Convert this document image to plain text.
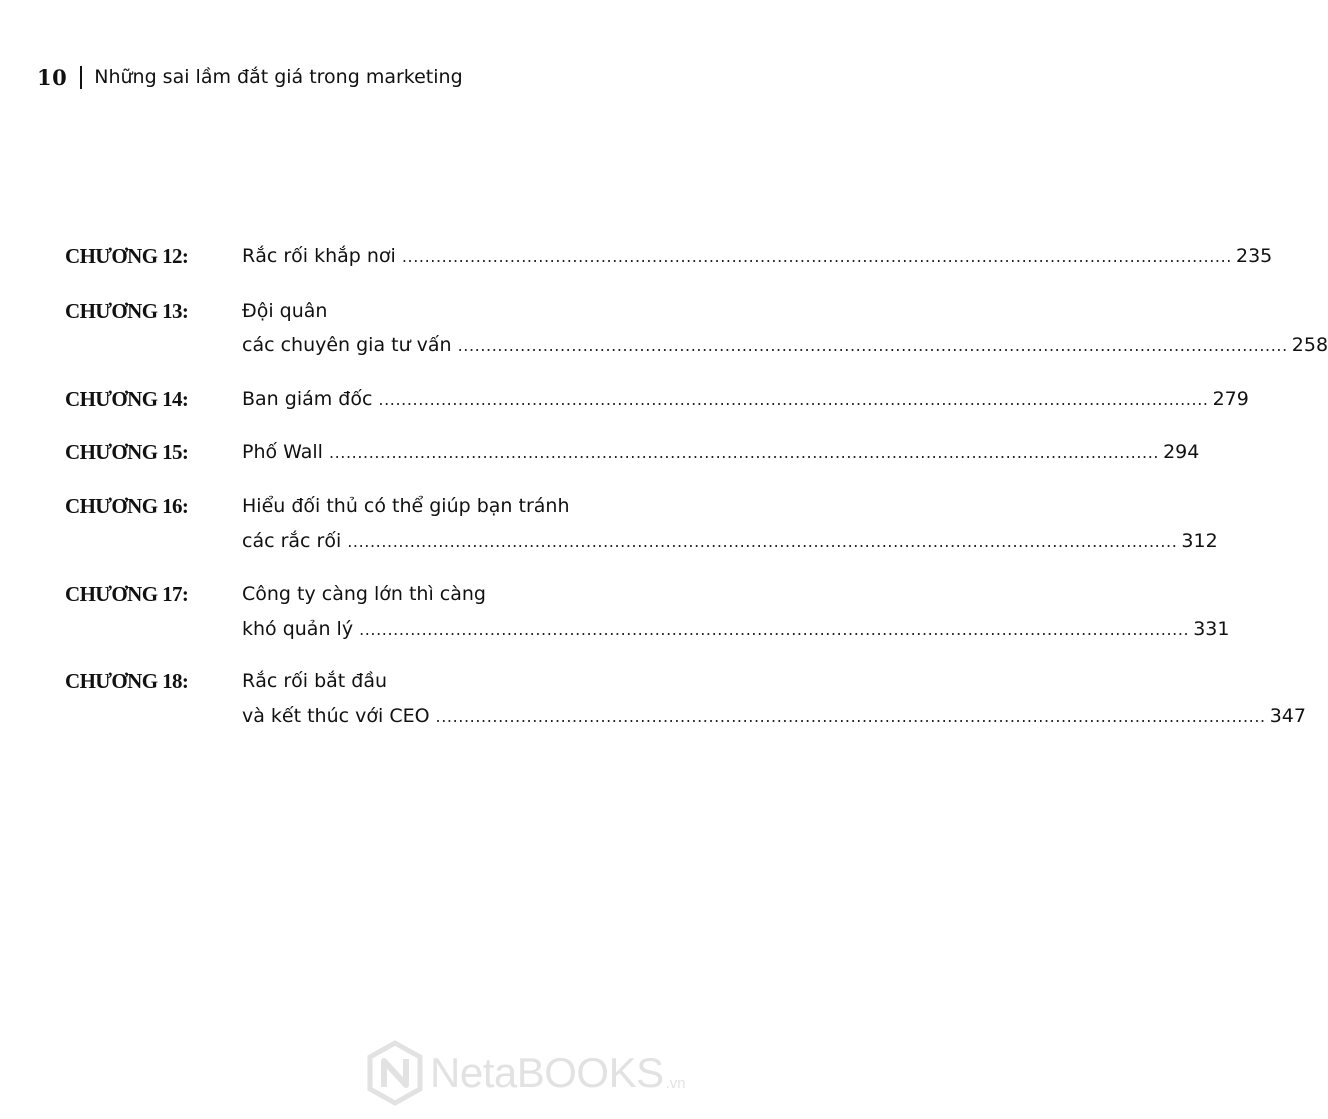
10 Những sai lầm đắt giá trong marketing
CHƯƠNG 12:	Rắc rối khắp nơi .................................................................................................................................................. 235
CHƯƠNG 13:	Đội quân
các chuyên gia tư vấn .................................................................................................................................................. 258
CHƯƠNG 14:	Ban giám đốc .................................................................................................................................................. 279
CHƯƠNG 15:	Phố Wall .................................................................................................................................................. 294
CHƯƠNG 16:	Hiểu đối thủ có thể giúp bạn tránh
các rắc rối .................................................................................................................................................. 312
CHƯƠNG 17:	Công ty càng lớn thì càng
khó quản lý .................................................................................................................................................. 331
CHƯƠNG 18:	Rắc rối bắt đầu
và kết thúc với CEO .................................................................................................................................................. 347
NetaBOOKS .vn
